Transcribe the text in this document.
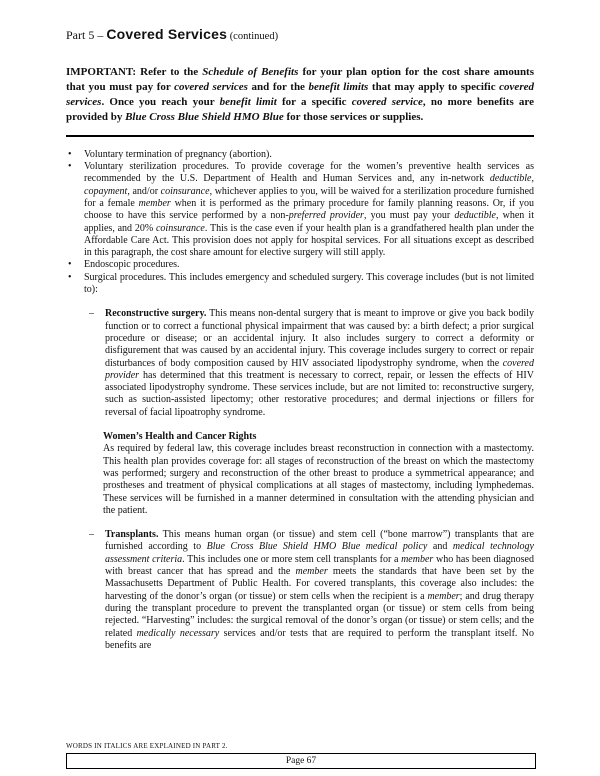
Part 5 – Covered Services (continued)
IMPORTANT: Refer to the Schedule of Benefits for your plan option for the cost share amounts that you must pay for covered services and for the benefit limits that may apply to specific covered services. Once you reach your benefit limit for a specific covered service, no more benefits are provided by Blue Cross Blue Shield HMO Blue for those services or supplies.
•	Voluntary termination of pregnancy (abortion).
•	Voluntary sterilization procedures. To provide coverage for the women’s preventive health services as recommended by the U.S. Department of Health and Human Services and, any in-network deductible, copayment, and/or coinsurance, whichever applies to you, will be waived for a sterilization procedure furnished for a female member when it is performed as the primary procedure for family planning reasons. Or, if you choose to have this service performed by a non-preferred provider, you must pay your deductible, when it applies, and 20% coinsurance. This is the case even if your health plan is a grandfathered health plan under the Affordable Care Act. This provision does not apply for hospital services. For all situations except as described in this paragraph, the cost share amount for elective surgery will still apply.
•	Endoscopic procedures.
•	Surgical procedures. This includes emergency and scheduled surgery. This coverage includes (but is not limited to):
–	Reconstructive surgery. This means non-dental surgery that is meant to improve or give you back bodily function or to correct a functional physical impairment that was caused by: a birth defect; a prior surgical procedure or disease; or an accidental injury. It also includes surgery to correct a deformity or disfigurement that was caused by an accidental injury. This coverage includes surgery to correct or repair disturbances of body composition caused by HIV associated lipodystrophy syndrome, when the covered provider has determined that this treatment is necessary to correct, repair, or lessen the effects of HIV associated lipodystrophy syndrome. These services include, but are not limited to: reconstructive surgery, such as suction-assisted lipectomy; other restorative procedures; and dermal injections or fillers for reversal of facial lipoatrophy syndrome.
Women’s Health and Cancer Rights
As required by federal law, this coverage includes breast reconstruction in connection with a mastectomy. This health plan provides coverage for: all stages of reconstruction of the breast on which the mastectomy was performed; surgery and reconstruction of the other breast to produce a symmetrical appearance; and prostheses and treatment of physical complications at all stages of mastectomy, including lymphedemas. These services will be furnished in a manner determined in consultation with the attending physician and the patient.
–	Transplants. This means human organ (or tissue) and stem cell (“bone marrow”) transplants that are furnished according to Blue Cross Blue Shield HMO Blue medical policy and medical technology assessment criteria. This includes one or more stem cell transplants for a member who has been diagnosed with breast cancer that has spread and the member meets the standards that have been set by the Massachusetts Department of Public Health. For covered transplants, this coverage also includes: the harvesting of the donor’s organ (or tissue) or stem cells when the recipient is a member; and drug therapy during the transplant procedure to prevent the transplanted organ (or tissue) or stem cells from being rejected. “Harvesting” includes: the surgical removal of the donor’s organ (or tissue) or stem cells; and the related medically necessary services and/or tests that are required to perform the transplant itself. No benefits are
WORDS IN ITALICS ARE EXPLAINED IN PART 2.
Page 67
